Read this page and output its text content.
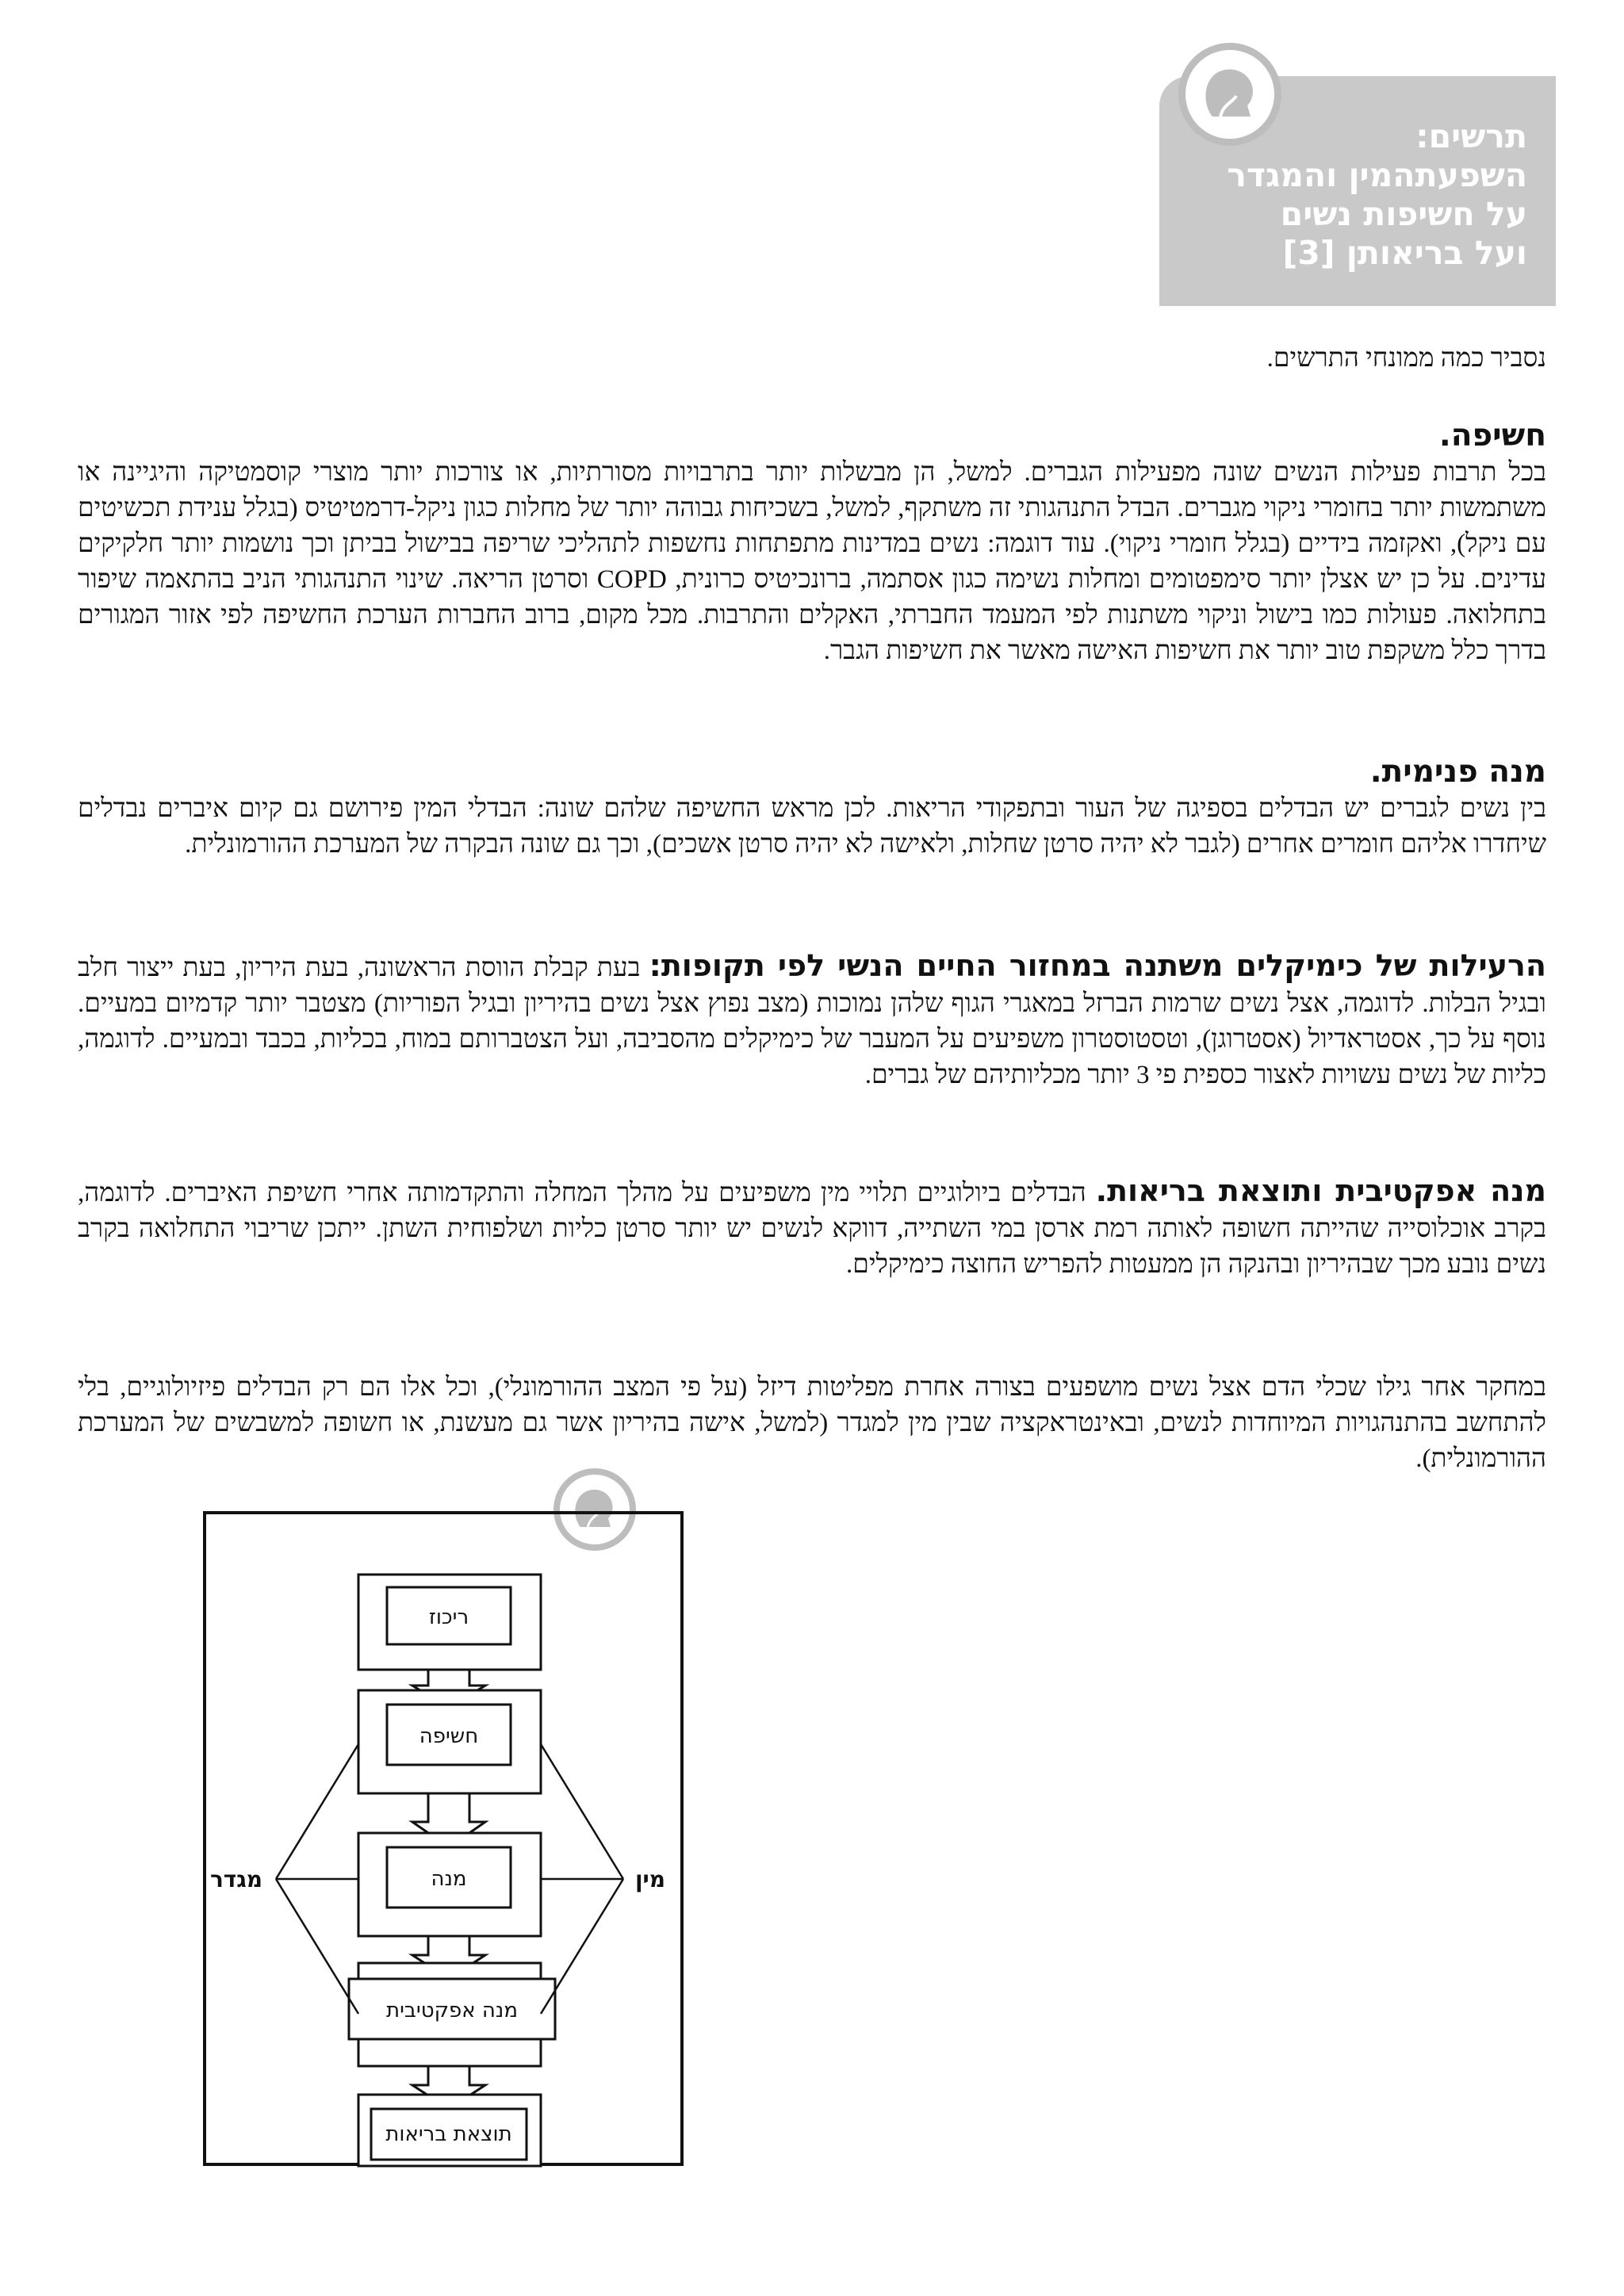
תרשים:
השפעתהמין והמגדר
על חשיפות נשים
ועל בריאותן [3]

נסביר כמה ממונחי התרשים.

חשיפה.

בכל תרבות פעילות הנשים שונה מפעילות הגברים. למשל, הן מבשלות יותר בתרבויות מסורתיות, או צורכות יותר מוצרי קוסמטיקה והיגיינה או משתמשות יותר בחומרי ניקוי מגברים. הבדל התנהגותי זה משתקף, למשל, בשכיחות גבוהה יותר של מחלות כגון ניקל-דרמטיטיס (בגלל ענידת תכשיטים עם ניקל), ואקזמה בידיים (בגלל חומרי ניקוי). עוד דוגמה: נשים במדינות מתפתחות נחשפות לתהליכי שריפה בבישול בביתן וכך נושמות יותר חלקיקים עדינים. על כן יש אצלן יותר סימפטומים ומחלות נשימה כגון אסתמה, ברונכיטיס כרונית, COPD וסרטן הריאה. שינוי התנהגותי הניב בהתאמה שיפור בתחלואה. פעולות כמו בישול וניקוי משתנות לפי המעמד החברתי, האקלים והתרבות. מכל מקום, ברוב החברות הערכת החשיפה לפי אזור המגורים בדרך כלל משקפת טוב יותר את חשיפות האישה מאשר את חשיפות הגבר.

מנה פנימית.

בין נשים לגברים יש הבדלים בספיגה של העור ובתפקודי הריאות. לכן מראש החשיפה שלהם שונה: הבדלי המין פירושם גם קיום איברים נבדלים שיחדרו אליהם חומרים אחרים (לגבר לא יהיה סרטן שחלות, ולאישה לא יהיה סרטן אשכים), וכך גם שונה הבקרה של המערכת ההורמונלית.

הרעילות של כימיקלים משתנה במחזור החיים הנשי לפי תקופות: בעת קבלת הווסת הראשונה, בעת היריון, בעת ייצור חלב ובגיל הבלות. לדוגמה, אצל נשים שרמות הברזל במאגרי הגוף שלהן נמוכות (מצב נפוץ אצל נשים בהיריון ובגיל הפוריות) מצטבר יותר קדמיום במעיים. נוסף על כך, אסטראדיול (אסטרוגן), וטסטוסטרון משפיעים על המעבר של כימיקלים מהסביבה, ועל הצטברותם במוח, בכליות, בכבד ובמעיים. לדוגמה, כליות של נשים עשויות לאצור כספית פי 3 יותר מכליותיהם של גברים.

מנה אפקטיבית ותוצאת בריאות. הבדלים ביולוגיים תלויי מין משפיעים על מהלך המחלה והתקדמותה אחרי חשיפת האיברים. לדוגמה, בקרב אוכלוסייה שהייתה חשופה לאותה רמת ארסן במי השתייה, דווקא לנשים יש יותר סרטן כליות ושלפוחית השתן. ייתכן שריבוי התחלואה בקרב נשים נובע מכך שבהיריון ובהנקה הן ממעטות להפריש החוצה כימיקלים.

במחקר אחר גילו שכלי הדם אצל נשים מושפעים בצורה אחרת מפליטות דיזל (על פי המצב ההורמונלי), וכל אלו הם רק הבדלים פיזיולוגיים, בלי להתחשב בהתנהגויות המיוחדות לנשים, ובאינטראקציה שבין מין למגדר (למשל, אישה בהיריון אשר גם מעשנת, או חשופה למשבשים של המערכת ההורמונלית).

ריכוז
חשיפה
מנה
מנה אפקטיבית
תוצאת בריאות
מגדר	מין
